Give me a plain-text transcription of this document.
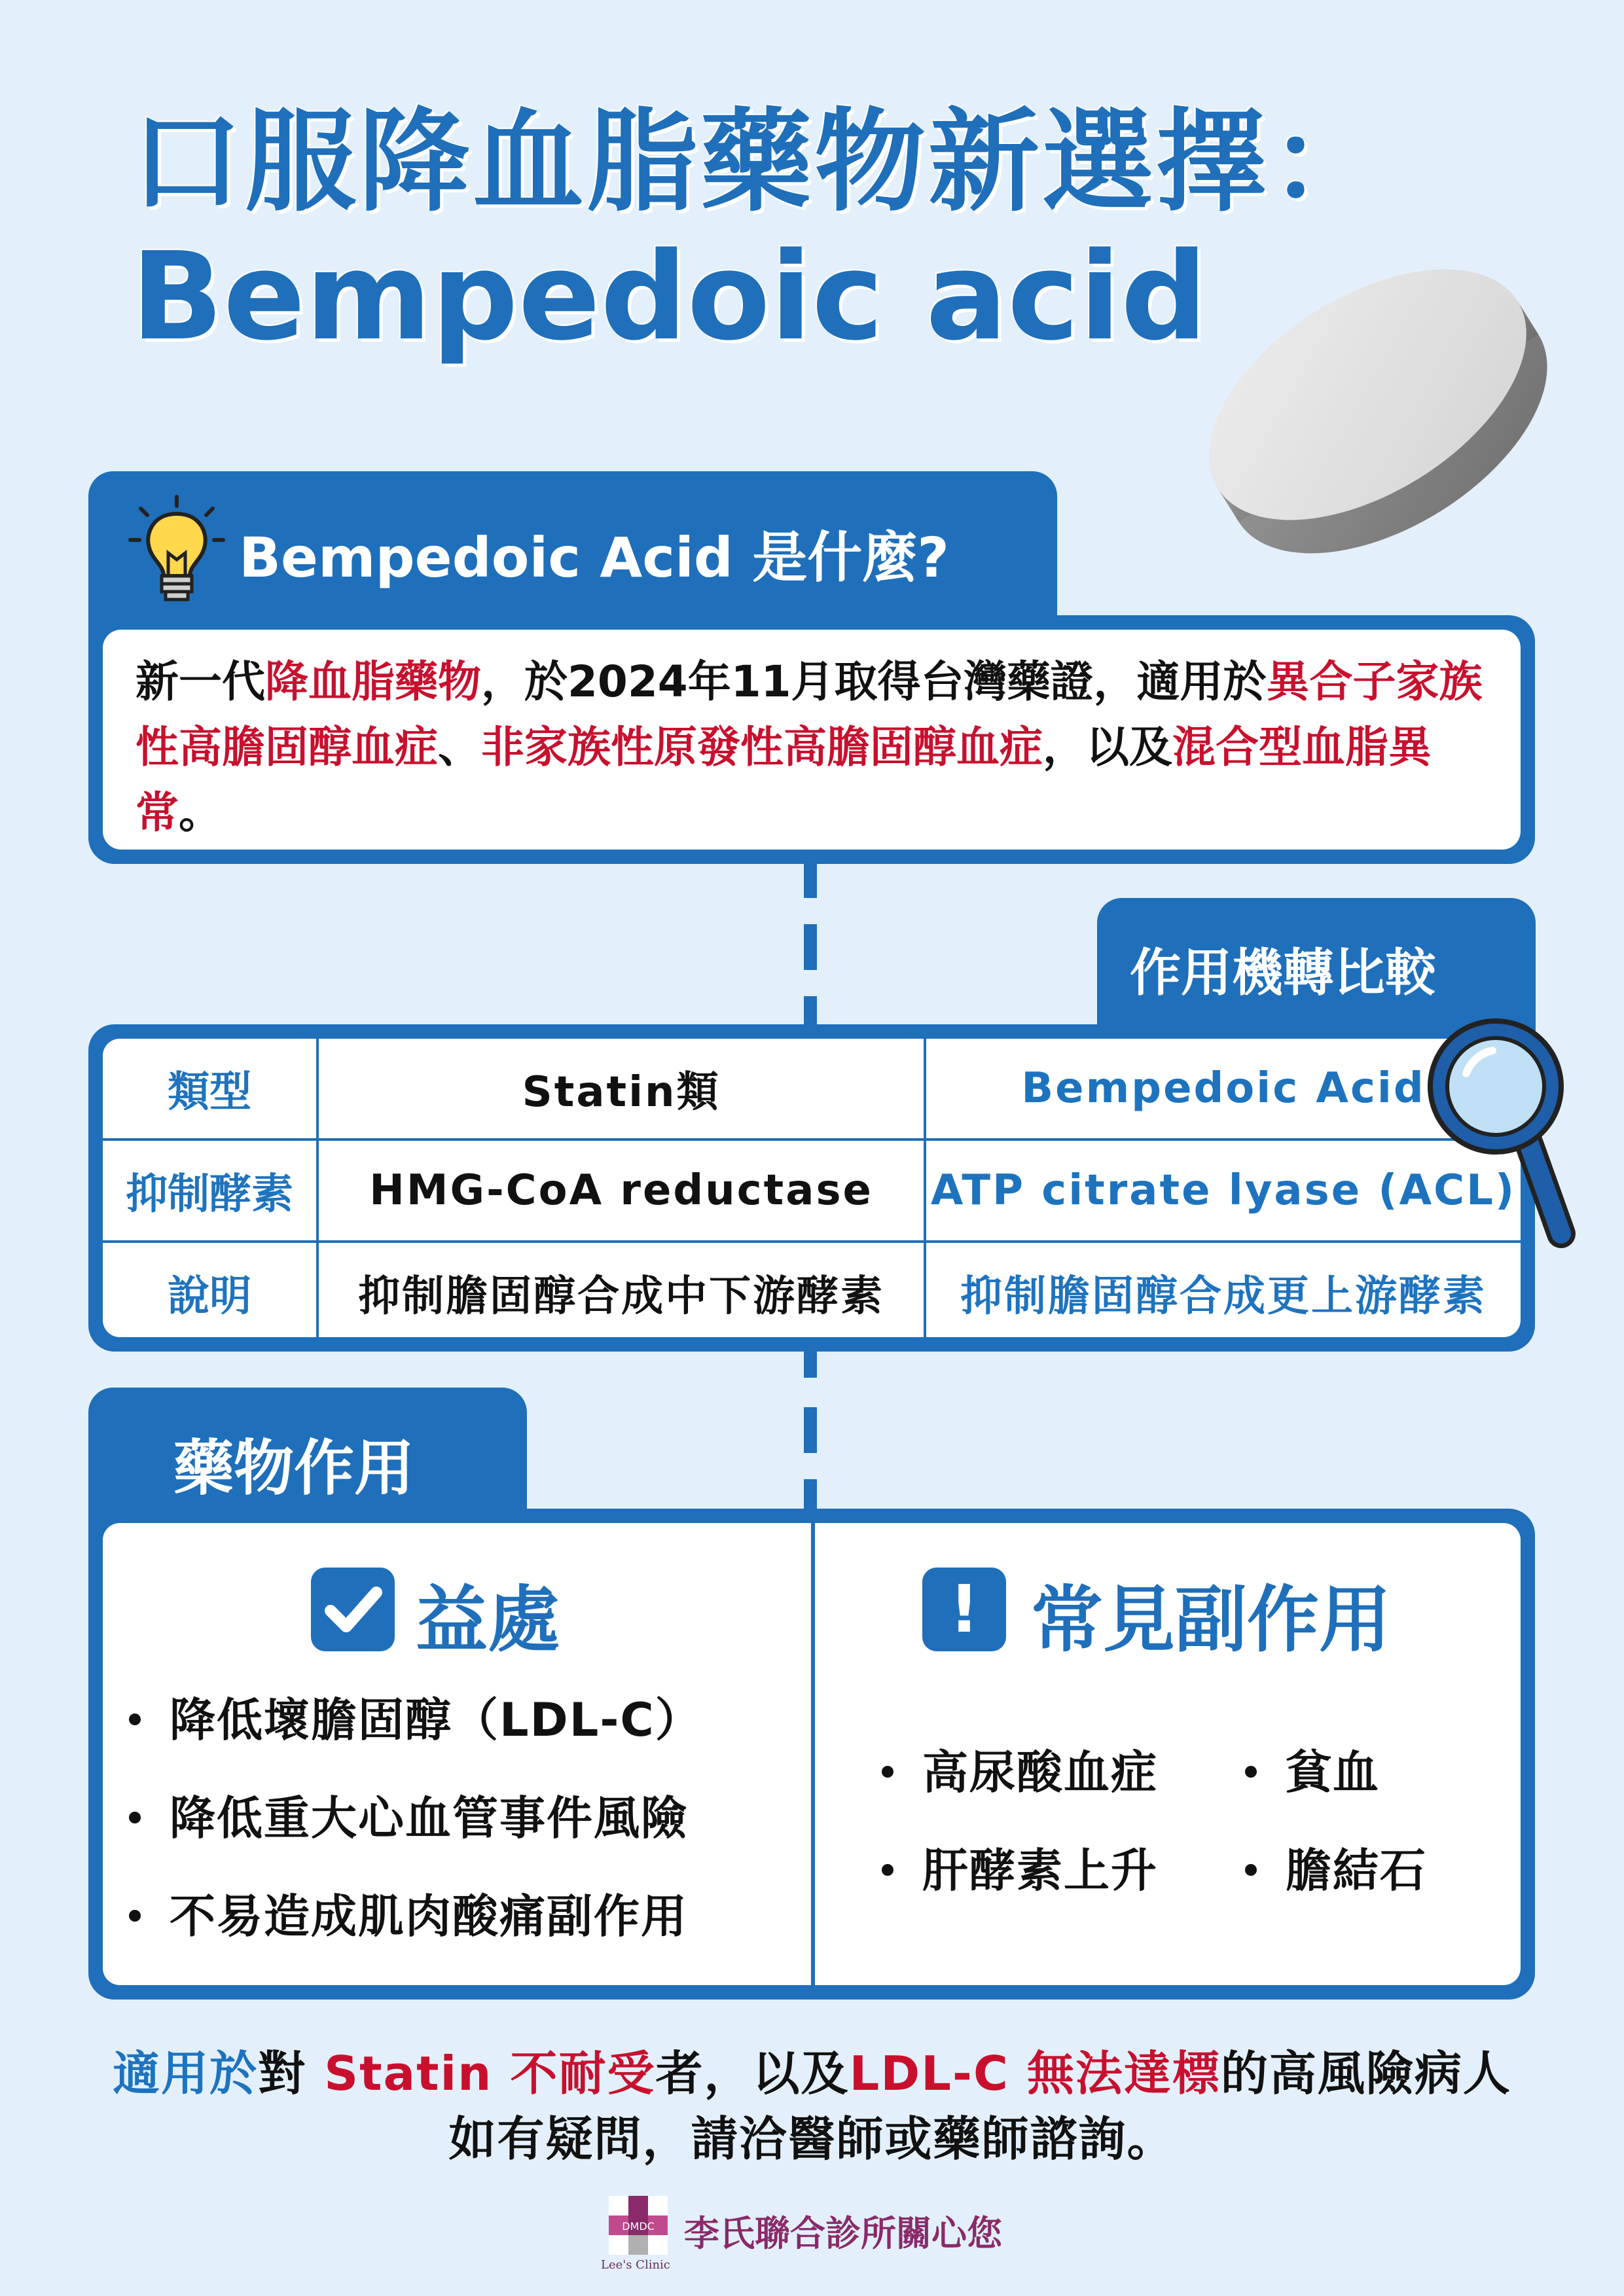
口服降血脂藥物新選擇：
Bempedoic acid
Bempedoic Acid 是什麼?
新一代降血脂藥物，於2024年11月取得台灣藥證，適用於異合子家族性高膽固醇血症、非家族性原發性高膽固醇血症，以及混合型血脂異常。
作用機轉比較
類型	Statin類	Bempedoic Acid
抑制酵素	HMG-CoA reductase	ATP citrate lyase (ACL)
說明	抑制膽固醇合成中下游酵素	抑制膽固醇合成更上游酵素
藥物作用
益處
降低壞膽固醇（LDL-C）
降低重大心血管事件風險
不易造成肌肉酸痛副作用
! 常見副作用
高尿酸血症	貧血
肝酵素上升	膽結石
適用於對 Statin 不耐受者，以及LDL-C 無法達標的高風險病人
如有疑問，請洽醫師或藥師諮詢。
DMDC
Lee's Clinic
李氏聯合診所關心您
